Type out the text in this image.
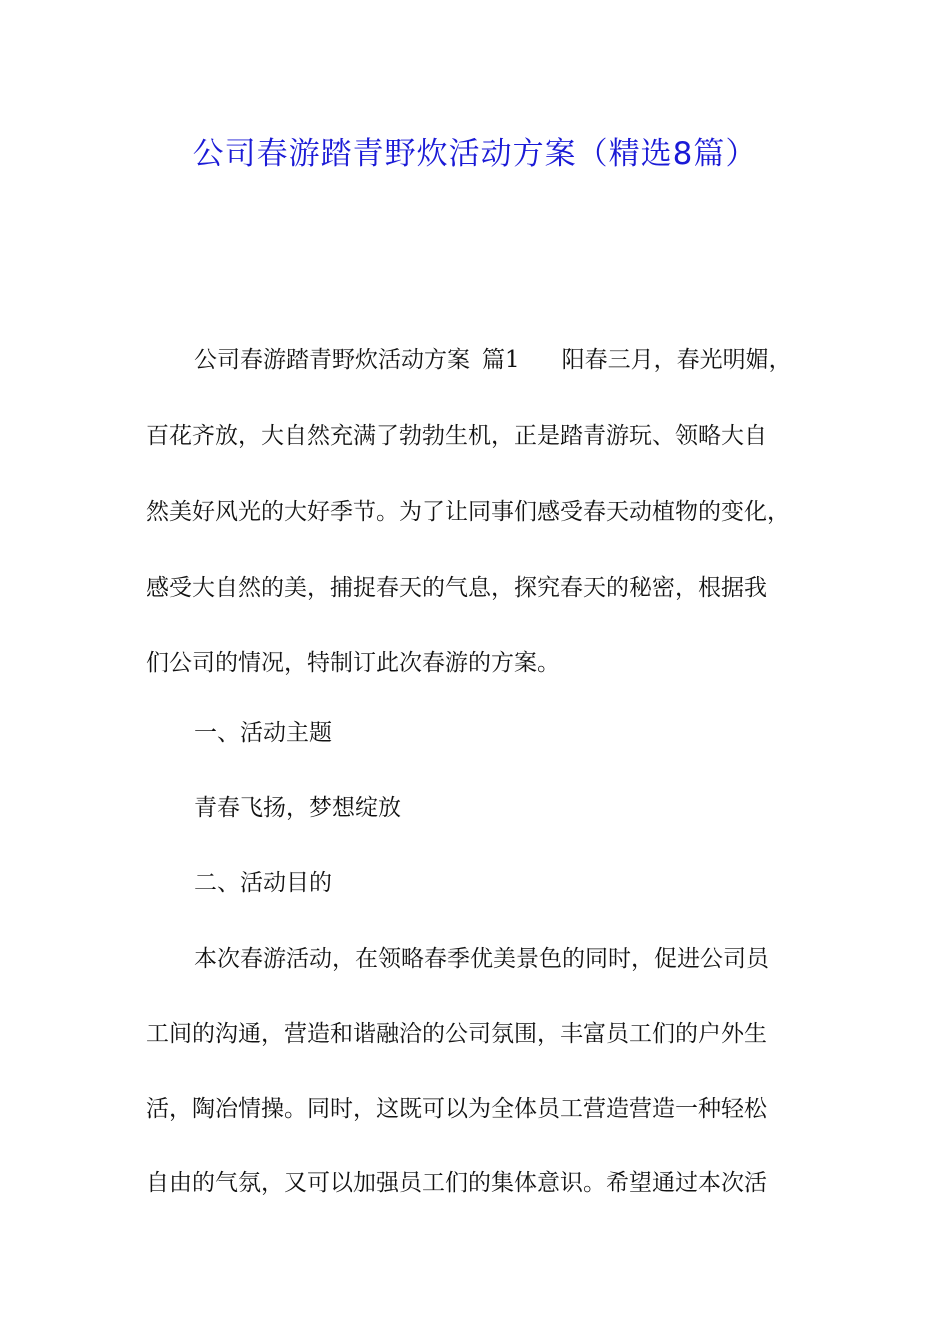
公司春游踏青野炊活动方案（精选8篇）
公司春游踏青野炊活动方案 篇1 阳春三月，春光明媚，
百花齐放，大自然充满了勃勃生机，正是踏青游玩、领略大自
然美好风光的大好季节。为了让同事们感受春天动植物的变化，
感受大自然的美，捕捉春天的气息，探究春天的秘密，根据我
们公司的情况，特制订此次春游的方案。
一、活动主题
青春飞扬，梦想绽放
二、活动目的
本次春游活动，在领略春季优美景色的同时，促进公司员
工间的沟通，营造和谐融洽的公司氛围，丰富员工们的户外生
活，陶冶情操。同时，这既可以为全体员工营造营造一种轻松
自由的气氛，又可以加强员工们的集体意识。希望通过本次活
